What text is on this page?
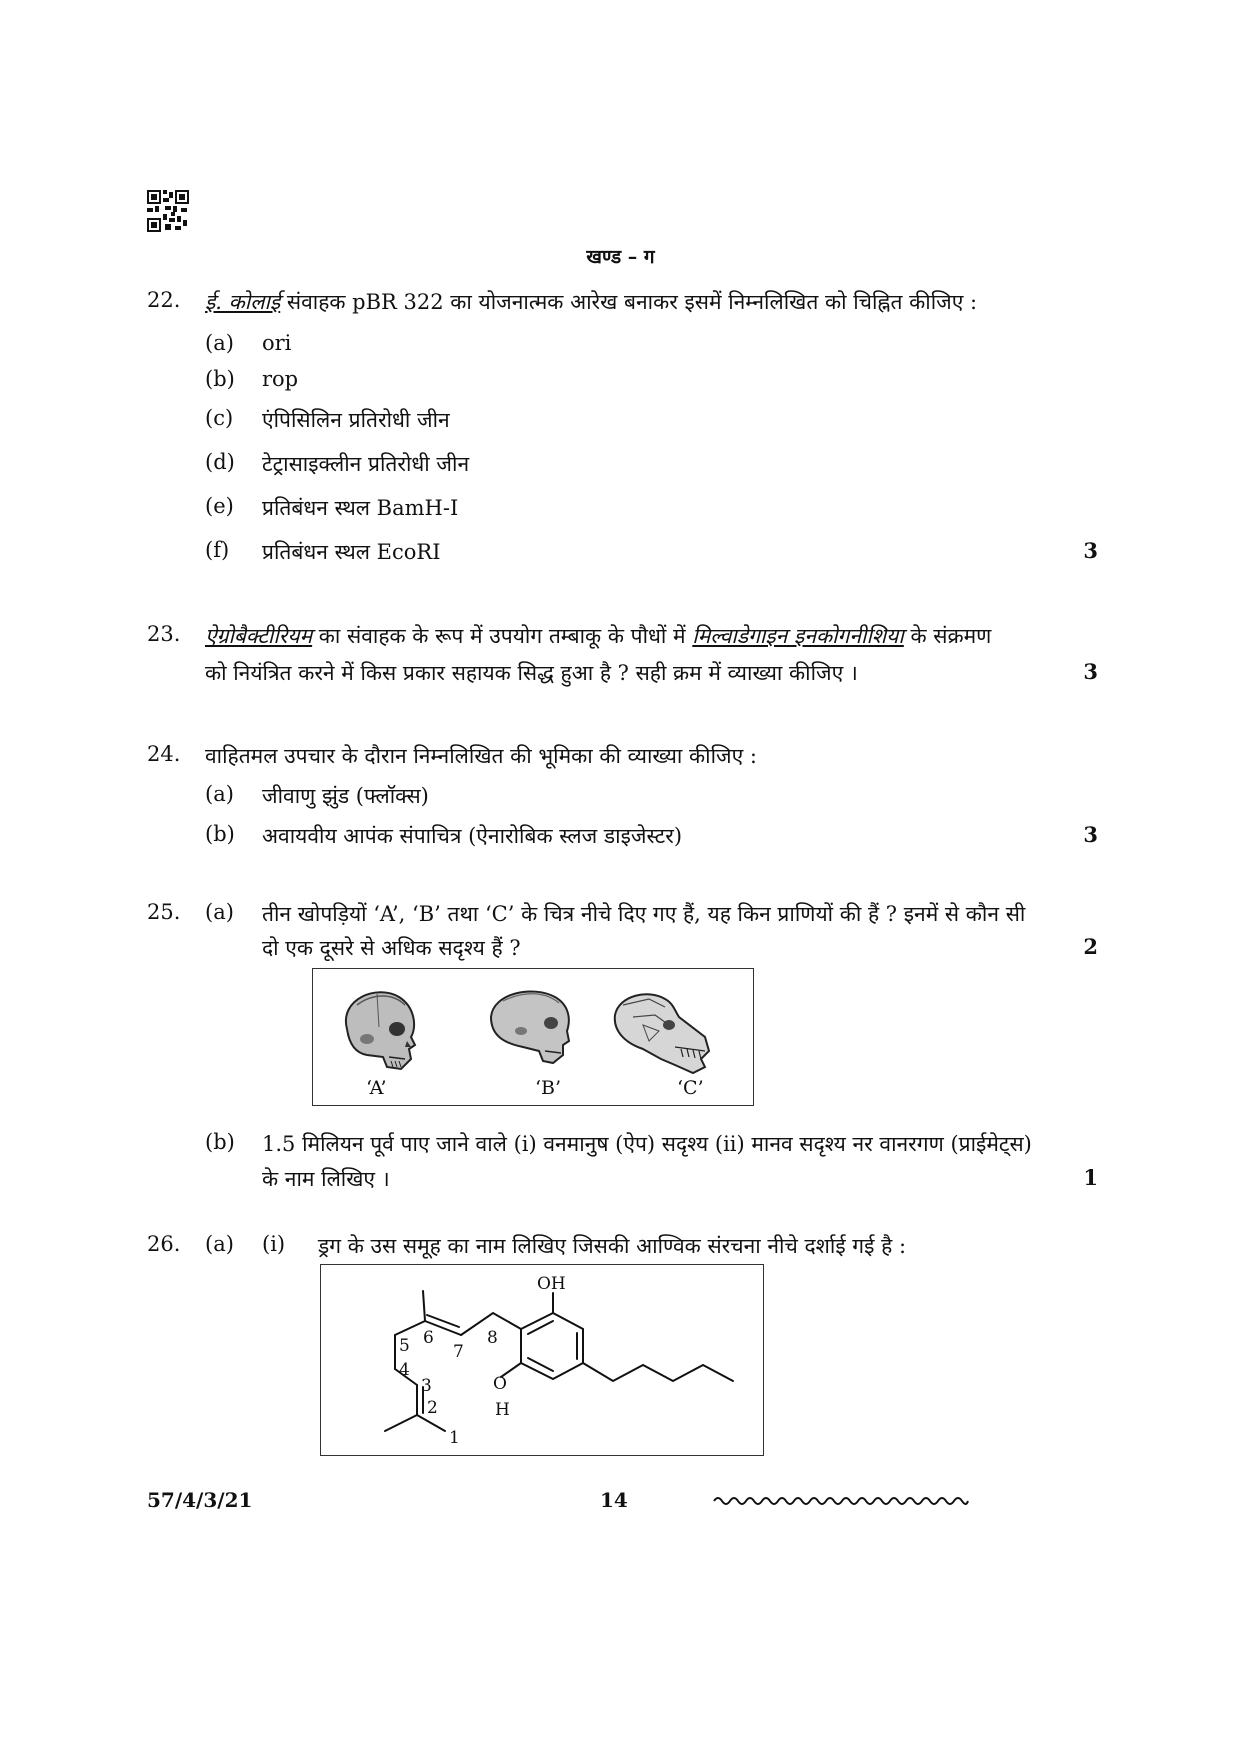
खण्ड – ग
22. ई. कोलाई संवाहक pBR 322 का योजनात्मक आरेख बनाकर इसमें निम्नलिखित को चिह्नित कीजिए :
(a) ori
(b) rop
(c) एंपिसिलिन प्रतिरोधी जीन
(d) टेट्रासाइक्लीन प्रतिरोधी जीन
(e) प्रतिबंधन स्थल BamH-I
(f) प्रतिबंधन स्थल EcoRI	3
23. ऐग्रोबैक्टीरियम का संवाहक के रूप में उपयोग तम्बाकू के पौधों में मिल्वाडेगाइन इनकोगनीशिया के संक्रमण
को नियंत्रित करने में किस प्रकार सहायक सिद्ध हुआ है ? सही क्रम में व्याख्या कीजिए ।	3
24. वाहितमल उपचार के दौरान निम्नलिखित की भूमिका की व्याख्या कीजिए :
(a) जीवाणु झुंड (फ्लॉक्स)
(b) अवायवीय आपंक संपाचित्र (ऐनारोबिक स्लज डाइजेस्टर)	3
25. (a) तीन खोपड़ियों ‘A’, ‘B’ तथा ‘C’ के चित्र नीचे दिए गए हैं, यह किन प्राणियों की हैं ? इनमें से कौन सी
दो एक दूसरे से अधिक सदृश्य हैं ?	2
‘A’	‘B’	‘C’
(b) 1.5 मिलियन पूर्व पाए जाने वाले (i) वनमानुष (ऐप) सदृश्य (ii) मानव सदृश्य नर वानरगण (प्राईमेट्स)
के नाम लिखिए ।	1
26. (a) (i) ड्रग के उस समूह का नाम लिखिए जिसकी आण्विक संरचना नीचे दर्शाई गई है :
OH
O
H
1
2
3
4
5 6
7
8
57/4/3/21	14
